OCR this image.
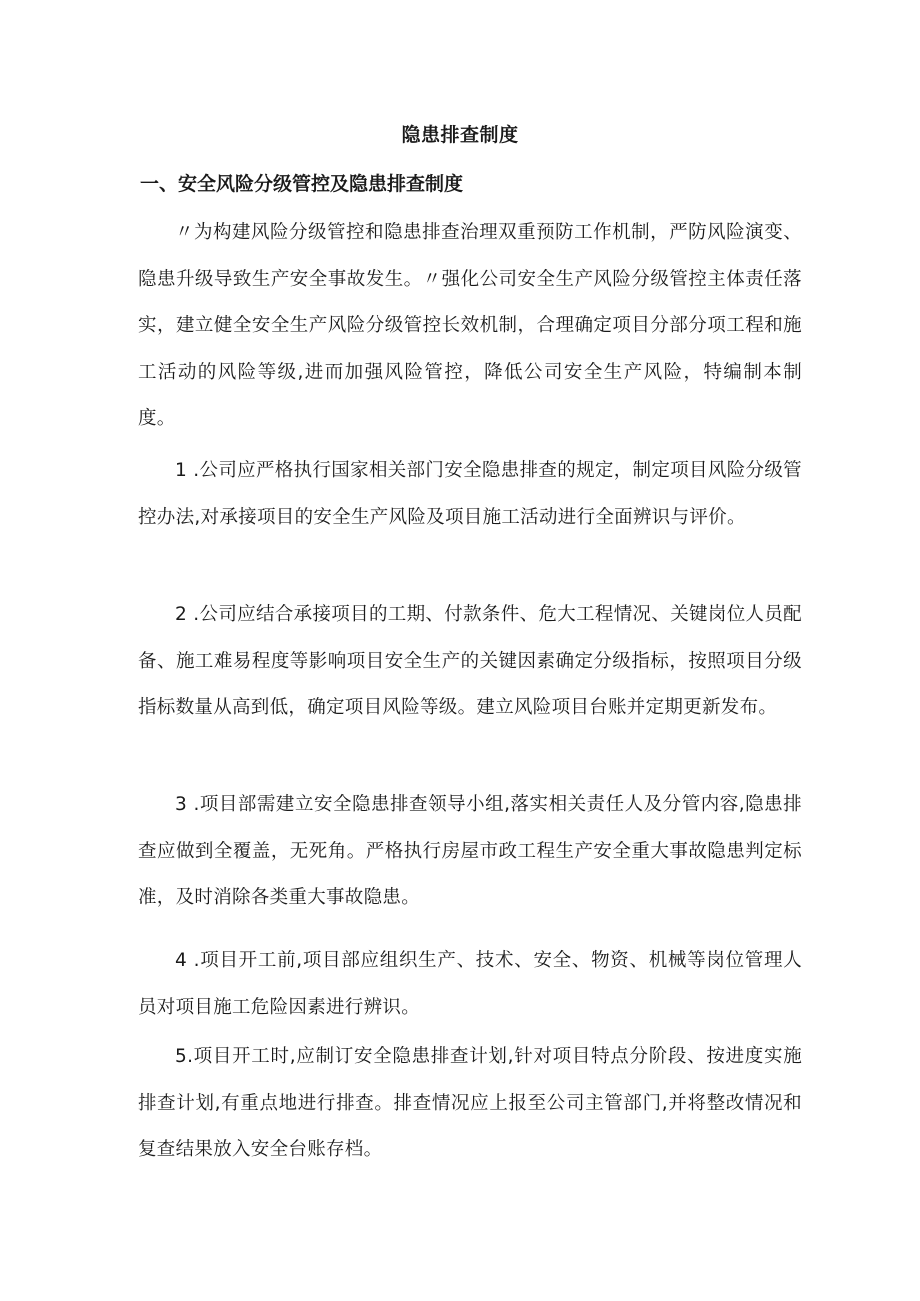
隐患排查制度
一、安全风险分级管控及隐患排查制度

〃为构建风险分级管控和隐患排查治理双重预防工作机制，严防风险演变、隐患升级导致生产安全事故发生。〃强化公司安全生产风险分级管控主体责任落实，建立健全安全生产风险分级管控长效机制，合理确定项目分部分项工程和施工活动的风险等级,进而加强风险管控，降低公司安全生产风险，特编制本制度。

1 .公司应严格执行国家相关部门安全隐患排查的规定，制定项目风险分级管控办法,对承接项目的安全生产风险及项目施工活动进行全面辨识与评价。

2 .公司应结合承接项目的工期、付款条件、危大工程情况、关键岗位人员配备、施工难易程度等影响项目安全生产的关键因素确定分级指标，按照项目分级指标数量从高到低，确定项目风险等级。建立风险项目台账并定期更新发布。

3 .项目部需建立安全隐患排查领导小组,落实相关责任人及分管内容,隐患排查应做到全覆盖，无死角。严格执行房屋市政工程生产安全重大事故隐患判定标准，及时消除各类重大事故隐患。

4 .项目开工前,项目部应组织生产、技术、安全、物资、机械等岗位管理人员对项目施工危险因素进行辨识。

5.项目开工时,应制订安全隐患排查计划,针对项目特点分阶段、按进度实施排查计划,有重点地进行排查。排查情况应上报至公司主管部门,并将整改情况和复查结果放入安全台账存档。
